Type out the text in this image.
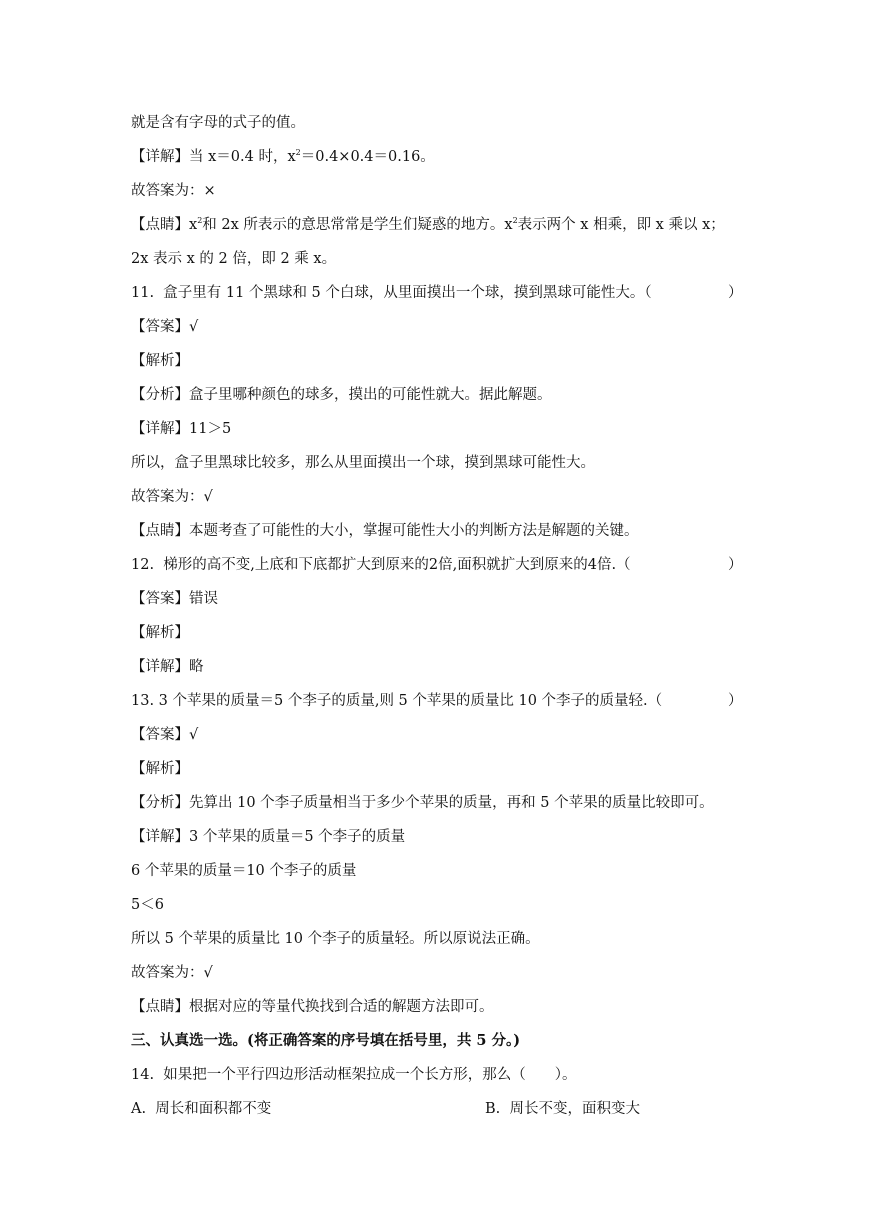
就是含有字母的式子的值。
【详解】当 x＝0.4 时，$x^2=0.4\times 0.4=0.16$。
故答案为：×
【点睛】$x^2$和 2x 所表示的意思常常是学生们疑惑的地方。$x^2$表示两个 x 相乘，即 x 乘以 x；
2x 表示 x 的 2 倍，即 2 乘 x。
11.  盒子里有 11 个黑球和 5 个白球，从里面摸出一个球，摸到黑球可能性大。（	）
【答案】√
【解析】
【分析】盒子里哪种颜色的球多，摸出的可能性就大。据此解题。
【详解】11＞5
所以，盒子里黑球比较多，那么从里面摸出一个球，摸到黑球可能性大。
故答案为：√
【点睛】本题考查了可能性的大小，掌握可能性大小的判断方法是解题的关键。
12.  梯形的高不变,上底和下底都扩大到原来的2倍,面积就扩大到原来的4倍.（	）
【答案】错误
【解析】
【详解】略
13. 3 个苹果的质量＝5 个李子的质量,则 5 个苹果的质量比 10 个李子的质量轻.（	）
【答案】√
【解析】
【分析】先算出 10 个李子质量相当于多少个苹果的质量，再和 5 个苹果的质量比较即可。
【详解】3 个苹果的质量＝5 个李子的质量
6 个苹果的质量＝10 个李子的质量
5＜6
所以 5 个苹果的质量比 10 个李子的质量轻。所以原说法正确。
故答案为：√
【点睛】根据对应的等量代换找到合适的解题方法即可。
三、认真选一选。(将正确答案的序号填在括号里，共 5 分。)
14.  如果把一个平行四边形活动框架拉成一个长方形，那么（　　）。
A.  周长和面积都不变	B.  周长不变，面积变大
